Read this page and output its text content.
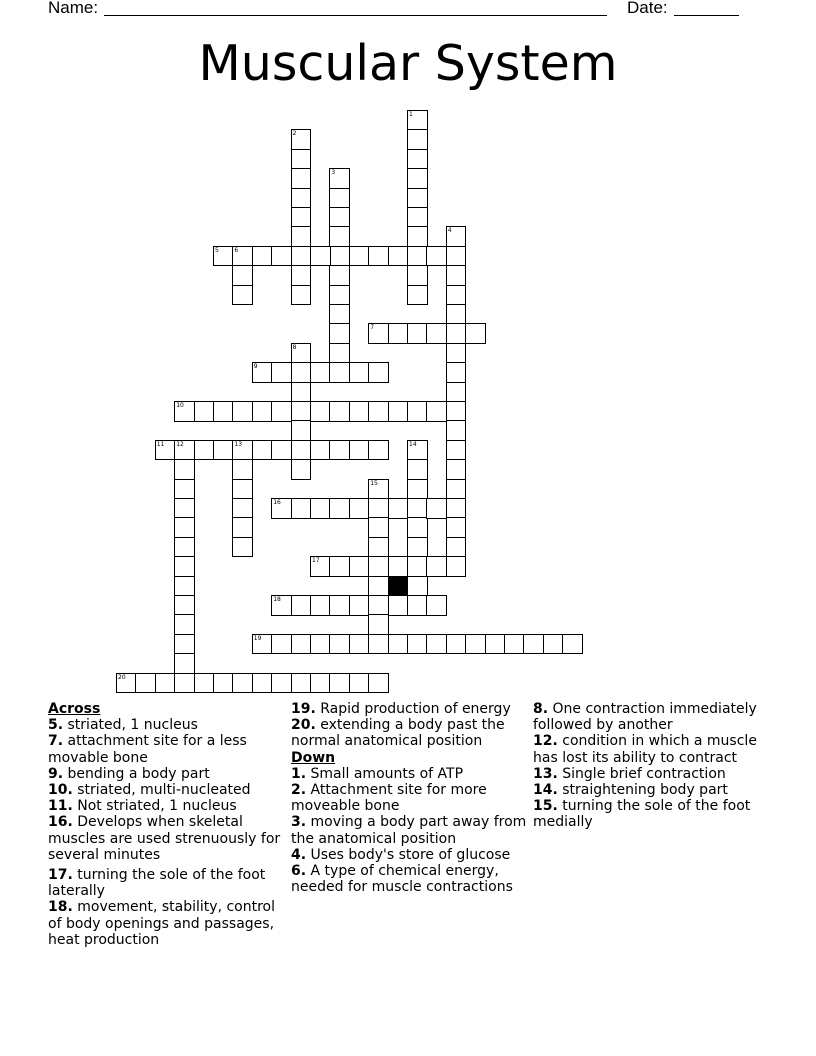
Name:	Date:
Muscular System
1
2
3
4
5	6
7
8
9
10
11 12	13	14
15
16
17
18
19
20
Across

5. striated, 1 nucleus

7. attachment site for a less movable bone

9. bending a body part

10. striated, multi-nucleated

11. Not striated, 1 nucleus

16. Develops when skeletal muscles are used strenuously for several minutes

17. turning the sole of the foot laterally

18. movement, stability, control of body openings and passages, heat production

19. Rapid production of energy

20. extending a body past the normal anatomical position

Down

1. Small amounts of ATP

2. Attachment site for more moveable bone

3. moving a body part away from the anatomical position

4. Uses body's store of glucose

6. A type of chemical energy, needed for muscle contractions

8. One contraction immediately followed by another

12. condition in which a muscle has lost its ability to contract

13. Single brief contraction

14. straightening body part

15. turning the sole of the foot medially
